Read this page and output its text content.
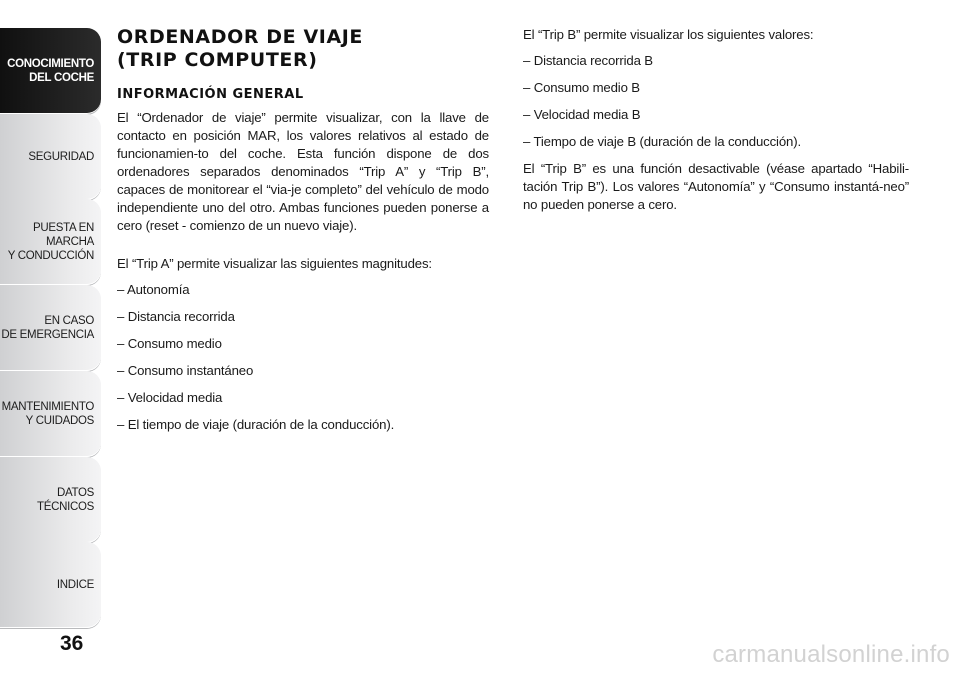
CONOCIMIENTO
DEL COCHE
SEGURIDAD
PUESTA EN MARCHA
Y CONDUCCIÓN
EN CASO
DE EMERGENCIA
MANTENIMIENTO
Y CUIDADOS
DATOS TÉCNICOS
INDICE
36
ORDENADOR DE VIAJE
(TRIP COMPUTER)
INFORMACIÓN GENERAL

El “Ordenador de viaje” permite visualizar, con la llave de contacto en posición MAR, los valores relativos al estado de funcionamien-to del coche. Esta función dispone de dos ordenadores separados denominados “Trip A” y “Trip B”, capaces de monitorear el “via-je completo” del vehículo de modo independiente uno del otro. Ambas funciones pueden ponerse a cero (reset - comienzo de un nuevo viaje).

El “Trip A” permite visualizar las siguientes magnitudes:

– Autonomía
– Distancia recorrida
– Consumo medio
– Consumo instantáneo
– Velocidad media
– El tiempo de viaje (duración de la conducción).

El “Trip B” permite visualizar los siguientes valores:

– Distancia recorrida B
– Consumo medio B
– Velocidad media B
– Tiempo de viaje B (duración de la conducción).

El “Trip B” es una función desactivable (véase apartado “Habili-tación Trip B”). Los valores “Autonomía” y “Consumo instantá-neo” no pueden ponerse a cero.

carmanualsonline.info
